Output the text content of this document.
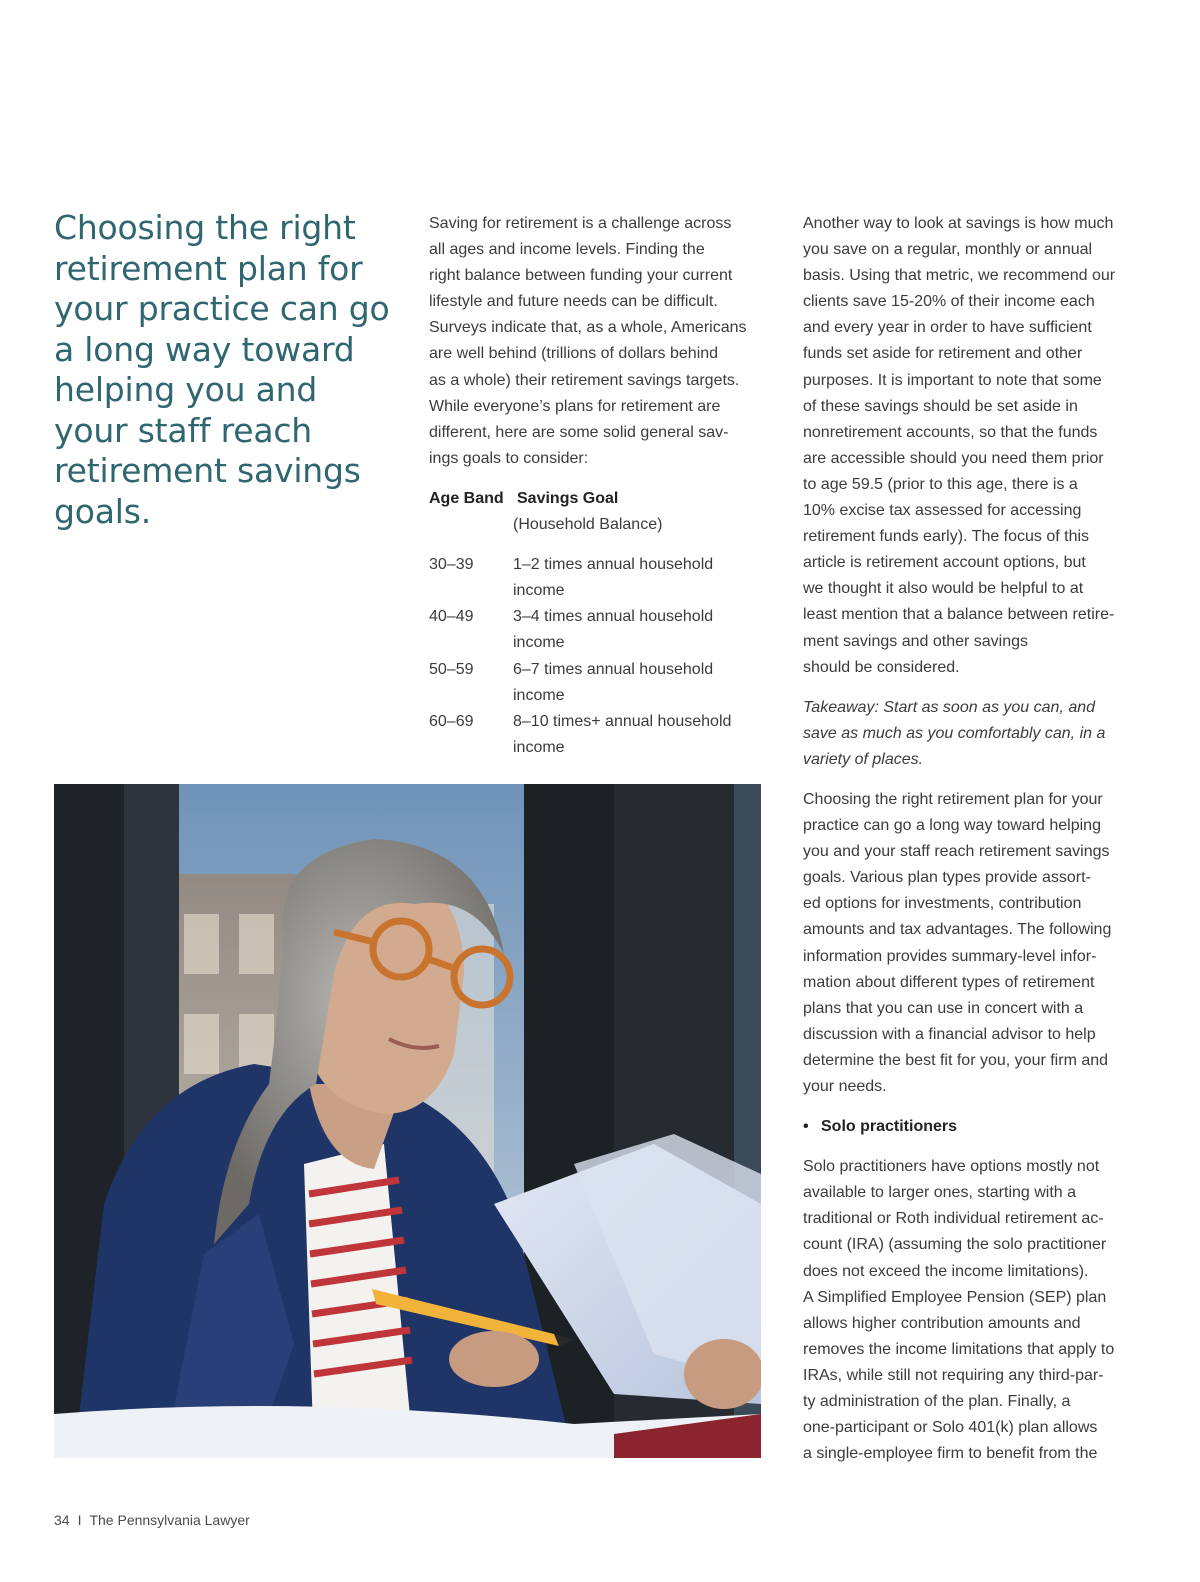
Choosing the right
retirement plan for
your practice can go
a long way toward
helping you and
your staff reach
retirement savings
goals.

Saving for retirement is a challenge across
all ages and income levels. Finding the
right balance between funding your current
lifestyle and future needs can be difficult.
Surveys indicate that, as a whole, Americans
are well behind (trillions of dollars behind
as a whole) their retirement savings targets.
While everyone’s plans for retirement are
different, here are some solid general sav-
ings goals to consider:

Age Band Savings Goal
(Household Balance)
30–39	1–2 times annual household
income
40–49	3–4 times annual household
income
50–59	6–7 times annual household
income
60–69	8–10 times+ annual household
income

Another way to look at savings is how much
you save on a regular, monthly or annual
basis. Using that metric, we recommend our
clients save 15-20% of their income each
and every year in order to have sufficient
funds set aside for retirement and other
purposes. It is important to note that some
of these savings should be set aside in
nonretirement accounts, so that the funds
are accessible should you need them prior
to age 59.5 (prior to this age, there is a
10% excise tax assessed for accessing
retirement funds early). The focus of this
article is retirement account options, but
we thought it also would be helpful to at
least mention that a balance between retire-
ment savings and other savings
should be considered.

Takeaway: Start as soon as you can, and
save as much as you comfortably can, in a
variety of places.

Choosing the right retirement plan for your
practice can go a long way toward helping
you and your staff reach retirement savings
goals. Various plan types provide assort-
ed options for investments, contribution
amounts and tax advantages. The following
information provides summary-level infor-
mation about different types of retirement
plans that you can use in concert with a
discussion with a financial advisor to help
determine the best fit for you, your firm and
your needs.

• Solo practitioners

Solo practitioners have options mostly not
available to larger ones, starting with a
traditional or Roth individual retirement ac-
count (IRA) (assuming the solo practitioner
does not exceed the income limitations).
A Simplified Employee Pension (SEP) plan
allows higher contribution amounts and
removes the income limitations that apply to
IRAs, while still not requiring any third-par-
ty administration of the plan. Finally, a
one-participant or Solo 401(k) plan allows
a single-employee firm to benefit from the

34 I The Pennsylvania Lawyer
